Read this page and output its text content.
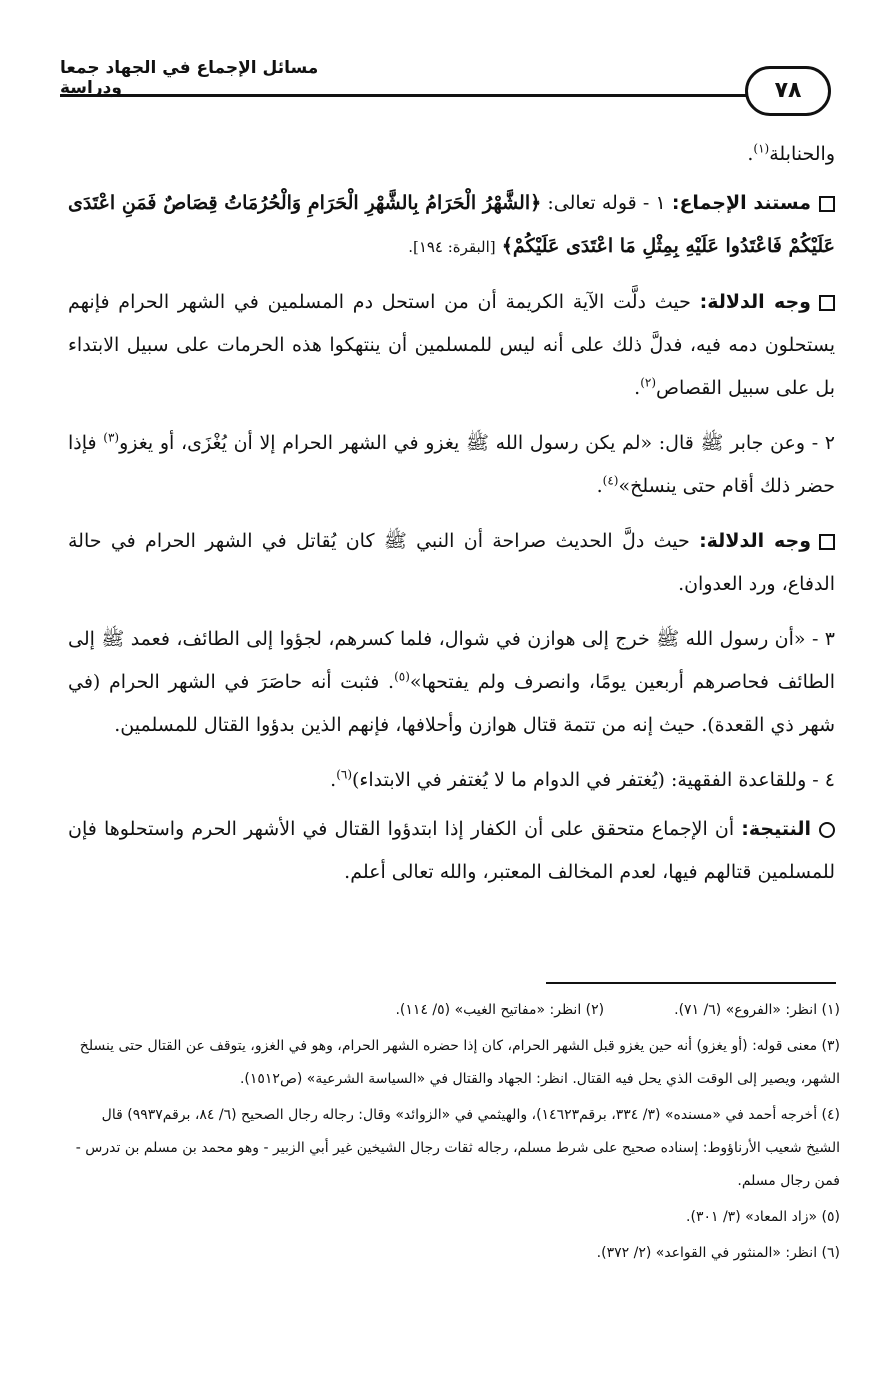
مسائل الإجماع في الجهاد جمعا ودراسة	٧٨

والحنابلة$^{(١)}$.

مستند الإجماع: ١ - قوله تعالى: ﴿الشَّهْرُ الْحَرَامُ بِالشَّهْرِ الْحَرَامِ وَالْحُرُمَاتُ قِصَاصٌ فَمَنِ اعْتَدَى عَلَيْكُمْ فَاعْتَدُوا عَلَيْهِ بِمِثْلِ مَا اعْتَدَى عَلَيْكُمْ﴾ [البقرة: ١٩٤].

وجه الدلالة: حيث دلَّت الآية الكريمة أن من استحل دم المسلمين في الشهر الحرام فإنهم يستحلون دمه فيه، فدلَّ ذلك على أنه ليس للمسلمين أن ينتهكوا هذه الحرمات على سبيل الابتداء بل على سبيل القصاص$^{(٢)}$.

٢ - وعن جابر ﷺ قال: «لم يكن رسول الله ﷺ يغزو في الشهر الحرام إلا أن يُغْزَى، أو يغزو$^{(٣)}$ فإذا حضر ذلك أقام حتى ينسلخ»$^{(٤)}$.

وجه الدلالة: حيث دلَّ الحديث صراحة أن النبي ﷺ كان يُقاتل في الشهر الحرام في حالة الدفاع، ورد العدوان.

٣ - «أن رسول الله ﷺ خرج إلى هوازن في شوال، فلما كسرهم، لجؤوا إلى الطائف، فعمد ﷺ إلى الطائف فحاصرهم أربعين يومًا، وانصرف ولم يفتحها»$^{(٥)}$. فثبت أنه حاصَرَ في الشهر الحرام (في شهر ذي القعدة). حيث إنه من تتمة قتال هوازن وأحلافها، فإنهم الذين بدؤوا القتال للمسلمين.

٤ - وللقاعدة الفقهية: (يُغتفر في الدوام ما لا يُغتفر في الابتداء)$^{(٦)}$.

النتيجة: أن الإجماع متحقق على أن الكفار إذا ابتدؤوا القتال في الأشهر الحرم واستحلوها فإن للمسلمين قتالهم فيها، لعدم المخالف المعتبر، والله تعالى أعلم.

(١) انظر: «الفروع» (٦/ ٧١).
(٢) انظر: «مفاتيح الغيب» (٥/ ١١٤).

(٣) معنى قوله: (أو يغزو) أنه حين يغزو قبل الشهر الحرام، كان إذا حضره الشهر الحرام، وهو في الغزو، يتوقف عن القتال حتى ينسلخ الشهر، ويصير إلى الوقت الذي يحل فيه القتال. انظر: الجهاد والقتال في «السياسة الشرعية» (ص١٥١٢).

(٤) أخرجه أحمد في «مسنده» (٣/ ٣٣٤، برقم١٤٦٢٣)، والهيثمي في «الزوائد» وقال: رجاله رجال الصحيح (٦/ ٨٤، برقم٩٩٣٧) قال الشيخ شعيب الأرناؤوط: إسناده صحيح على شرط مسلم، رجاله ثقات رجال الشيخين غير أبي الزبير - وهو محمد بن مسلم بن تدرس - فمن رجال مسلم.

(٥) «زاد المعاد» (٣/ ٣٠١).

(٦) انظر: «المنثور في القواعد» (٢/ ٣٧٢).
